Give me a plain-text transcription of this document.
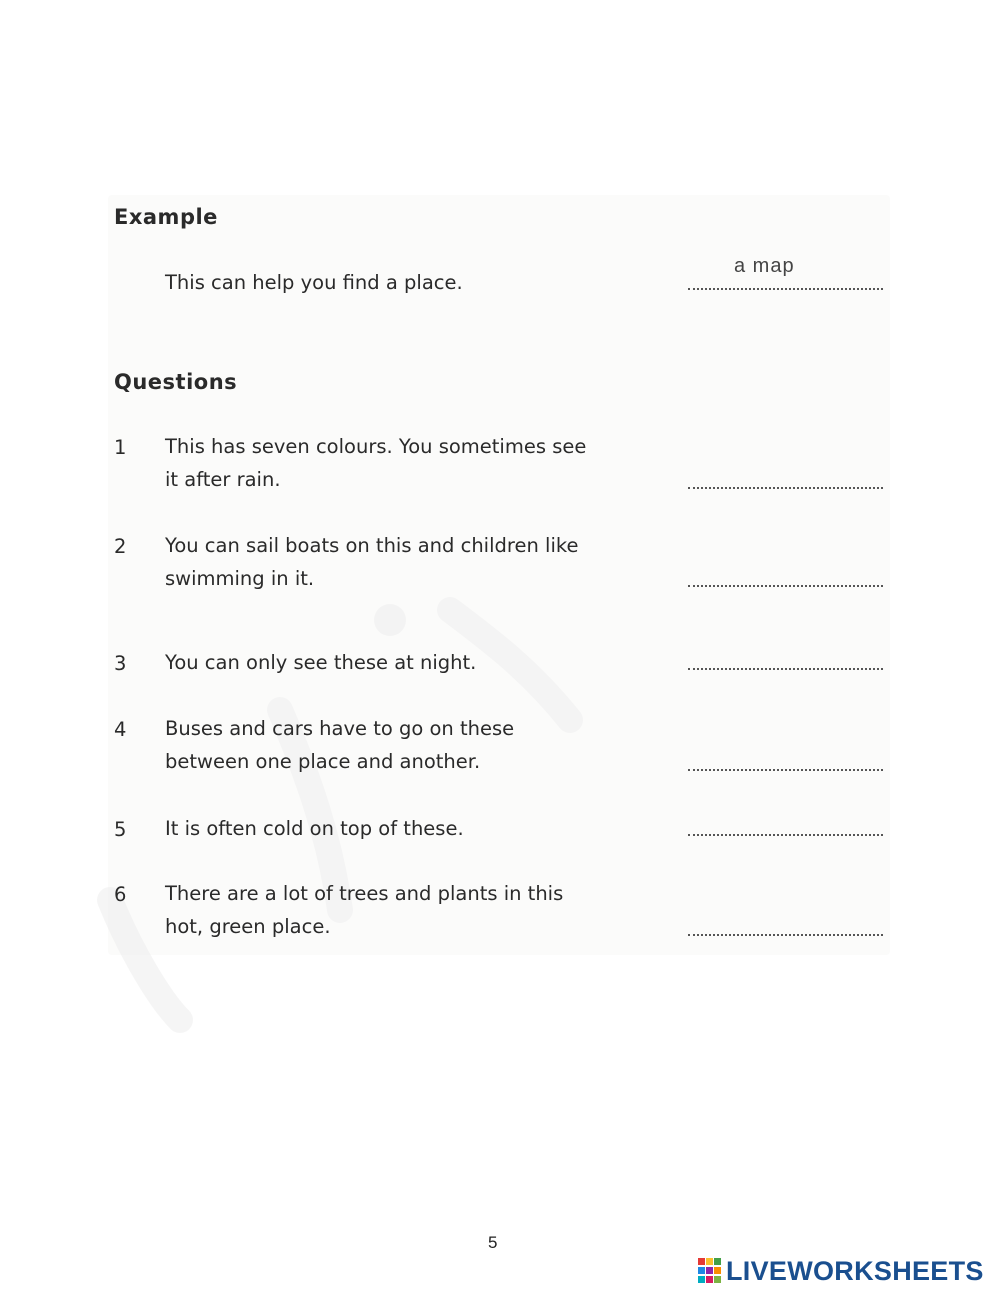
Example
This can help you find a place.
a map
Questions
1 This has seven colours. You sometimes see
it after rain.
2 You can sail boats on this and children like
swimming in it.
3 You can only see these at night.
4 Buses and cars have to go on these
between one place and another.
5 It is often cold on top of these.
6 There are a lot of trees and plants in this
hot, green place.
5
LIVEWORKSHEETS
